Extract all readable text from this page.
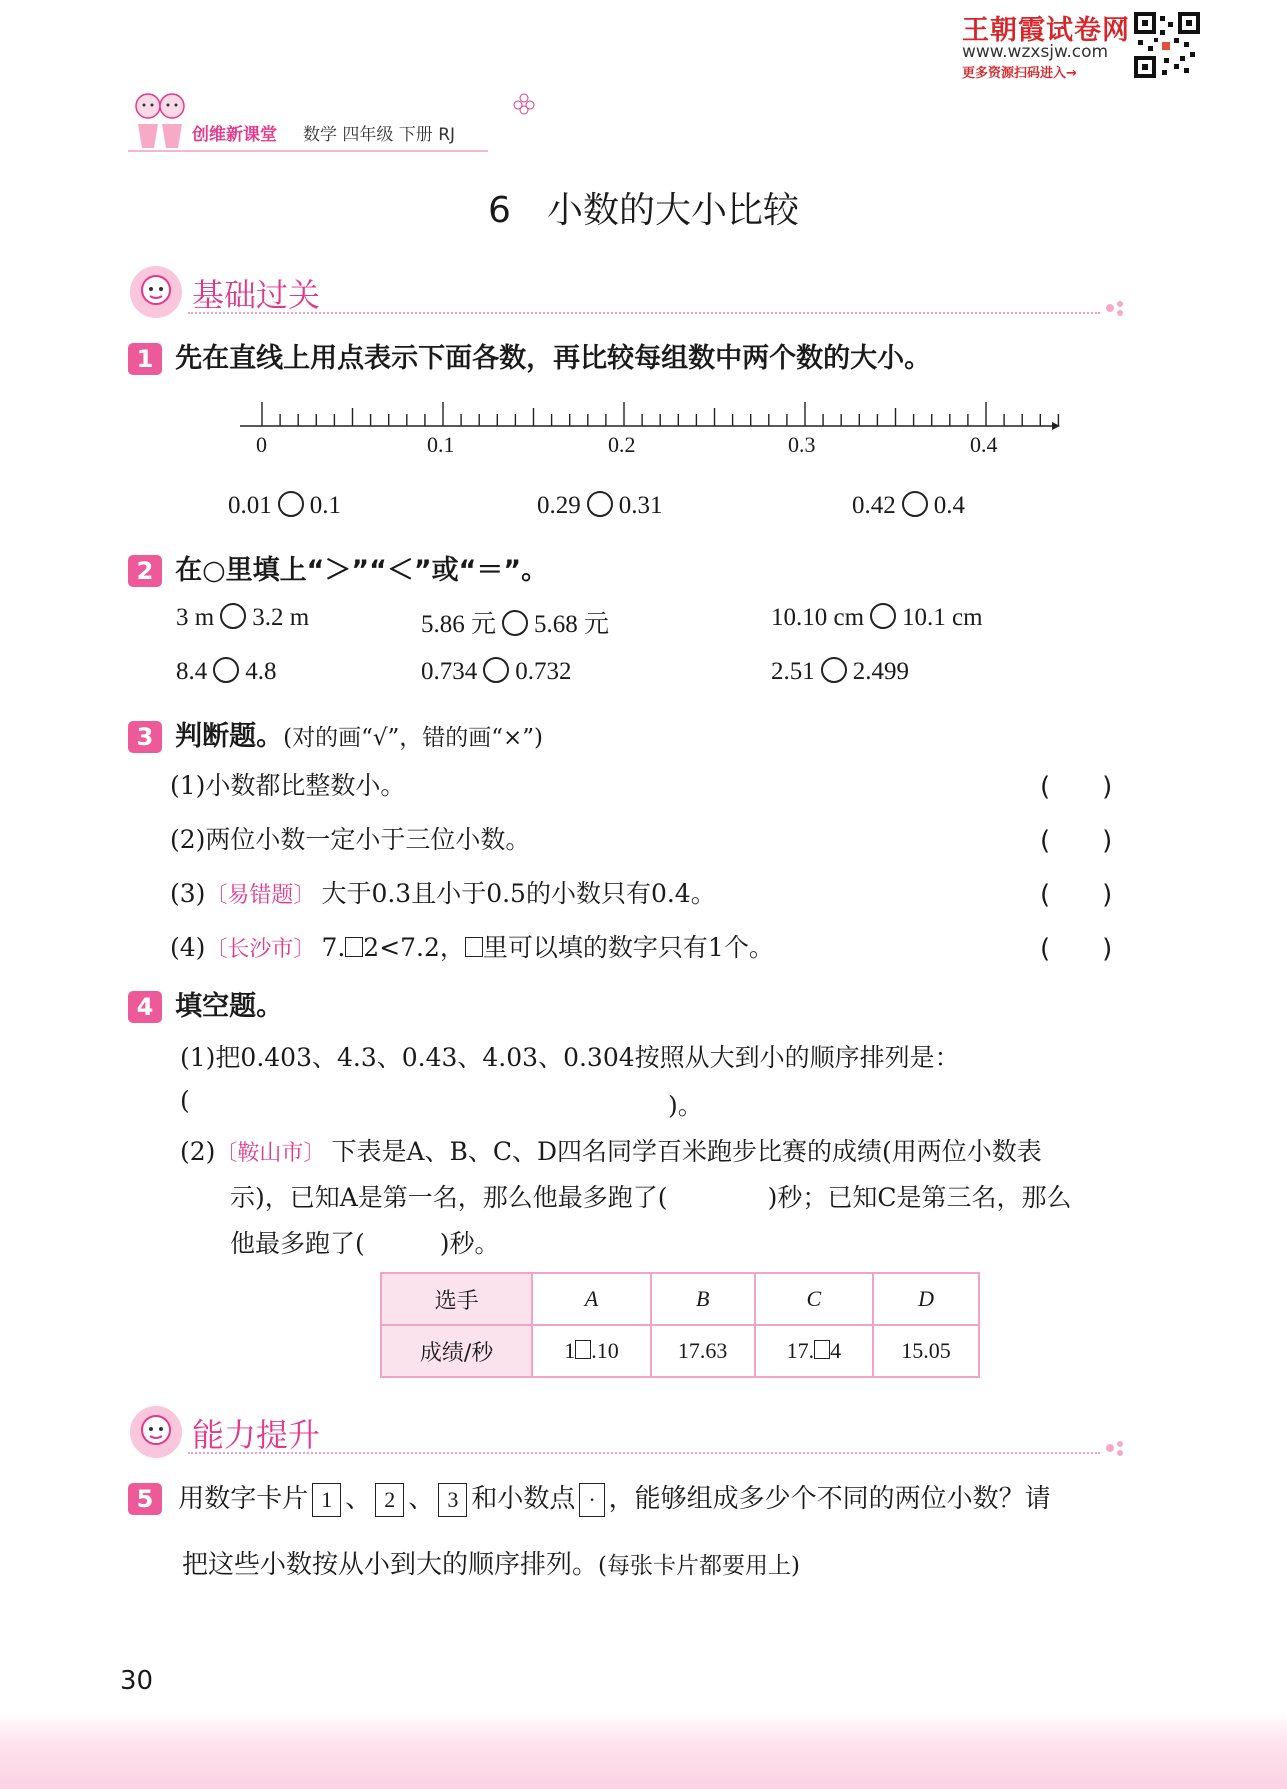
王朝霞试卷网
www.wzxsjw.com
更多资源扫码进入→
创维新课堂 数学 四年级 下册 RJ
6　小数的大小比较
基础过关
1 先在直线上用点表示下面各数，再比较每组数中两个数的大小。
0	0.1	0.2	0.3	0.4
0.01 0.1	0.29 0.31	0.42 0.4
2 在○里填上“＞”“＜”或“＝”。
3 m 3.2 m	5.86 元 5.68 元	10.10 cm 10.1 cm
8.4 4.8	0.734 0.732	2.51 2.499
3 判断题。(对的画“√”，错的画“×”)
(1)小数都比整数小。	(　　)
(2)两位小数一定小于三位小数。	(　　)
(3)〔易错题〕 大于0.3且小于0.5的小数只有0.4。	(　　)
(4)〔长沙市〕 7. 2<7.2， 里可以填的数字只有1个。	(　　)
4 填空题。
(1)把0.403、4.3、0.43、4.03、0.304按照从大到小的顺序排列是：
(	)。
(2)〔鞍山市〕 下表是A、B、C、D四名同学百米跑步比赛的成绩(用两位小数表
示)，已知A是第一名，那么他最多跑了(　　　　)秒；已知C是第三名，那么
他最多跑了(　　　)秒。
选手	A	B	C	D
成绩/秒	1 .10	17.63	17. 4	15.05
能力提升
5 用数字卡片 1 、 2 、 3 和小数点 · ，能够组成多少个不同的两位小数？请
把这些小数按从小到大的顺序排列。(每张卡片都要用上)
30
